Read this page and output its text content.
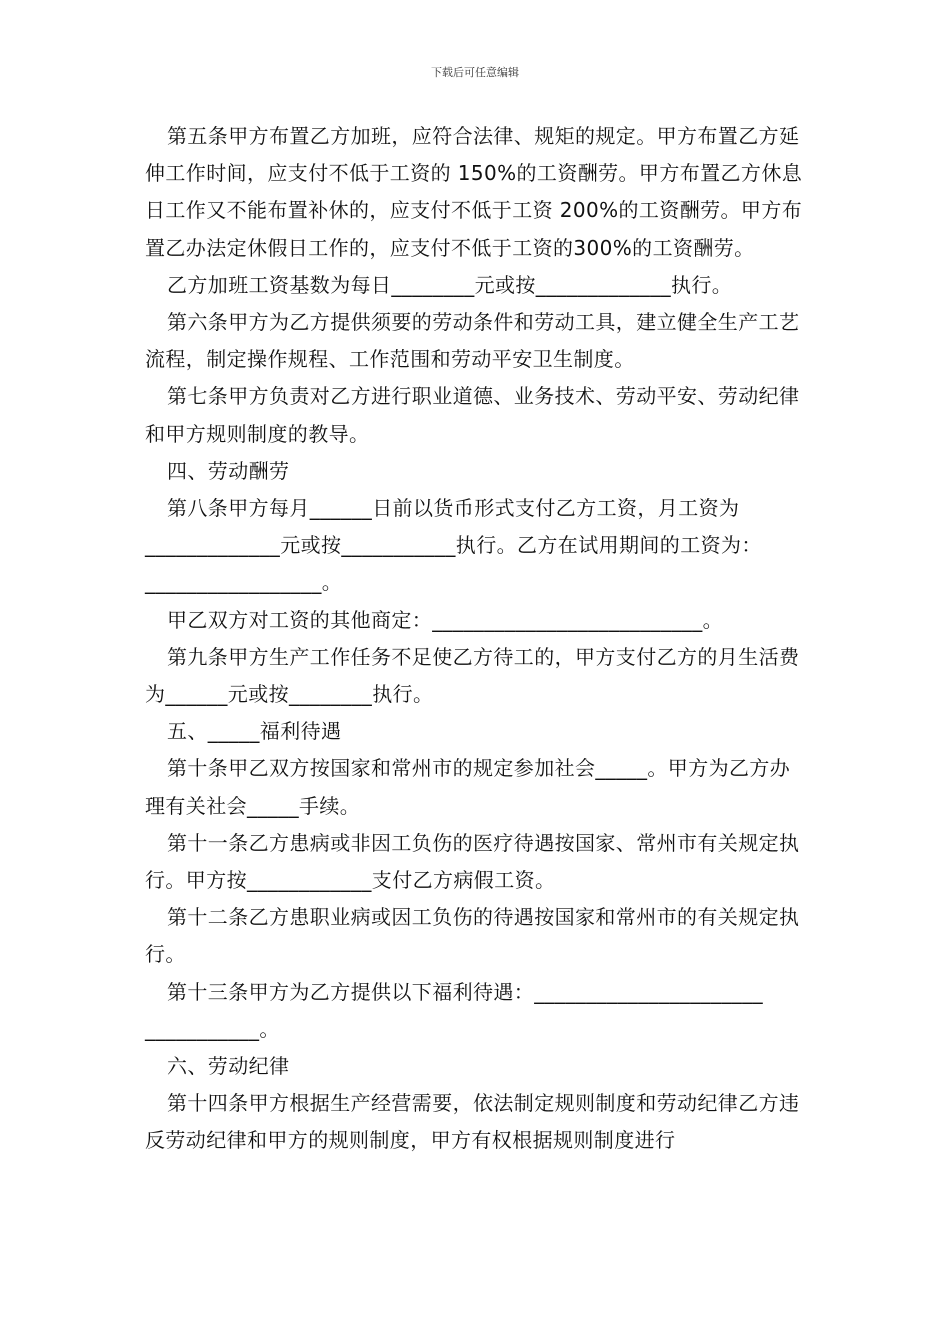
下载后可任意编辑

第五条甲方布置乙方加班，应符合法律、规矩的规定。甲方布置乙方延伸工作时间，应支付不低于工资的 150%的工资酬劳。甲方布置乙方休息日工作又不能布置补休的，应支付不低于工资 200%的工资酬劳。甲方布置乙办法定休假日工作的，应支付不低于工资的300%的工资酬劳。

乙方加班工资基数为每日________元或按_____________执行。

第六条甲方为乙方提供须要的劳动条件和劳动工具，建立健全生产工艺流程，制定操作规程、工作范围和劳动平安卫生制度。

第七条甲方负责对乙方进行职业道德、业务技术、劳动平安、劳动纪律和甲方规则制度的教导。

四、劳动酬劳

第八条甲方每月______日前以货币形式支付乙方工资，月工资为_____________元或按___________执行。乙方在试用期间的工资为：_________________。

甲乙双方对工资的其他商定：__________________________。

第九条甲方生产工作任务不足使乙方待工的，甲方支付乙方的月生活费为______元或按________执行。

五、_____福利待遇

第十条甲乙双方按国家和常州市的规定参加社会_____。甲方为乙方办理有关社会_____手续。

第十一条乙方患病或非因工负伤的医疗待遇按国家、常州市有关规定执行。甲方按____________支付乙方病假工资。

第十二条乙方患职业病或因工负伤的待遇按国家和常州市的有关规定执行。

第十三条甲方为乙方提供以下福利待遇：______________________ ___________。

六、劳动纪律

第十四条甲方根据生产经营需要，依法制定规则制度和劳动纪律乙方违反劳动纪律和甲方的规则制度，甲方有权根据规则制度进行
